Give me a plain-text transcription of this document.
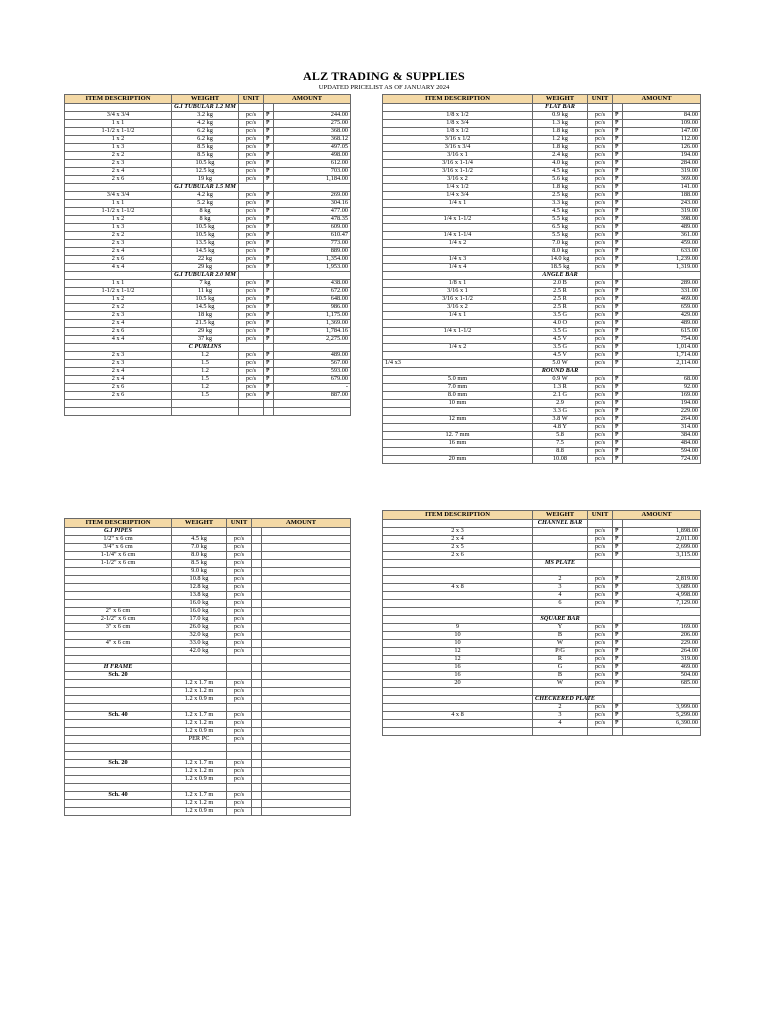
ALZ TRADING & SUPPLIES
UPDATED PRICELIST AS OF JANUARY 2024
ITEM DESCRIPTION	WEIGHT	UNIT	AMOUNT	
	G.I TUBULAR 1.2 MM			
3/4 x 3/4	3.2 kg	pc/s	₱	244.00
1 x 1	4.2 kg	pc/s	₱	275.00
1-1/2 x 1-1/2	6.2 kg	pc/s	₱	368.00
1 x 2	6.2 kg	pc/s	₱	368.12
1 x 3	8.5 kg	pc/s	₱	497.05
2 x 2	8.5 kg	pc/s	₱	498.00
2 x 3	10.5 kg	pc/s	₱	612.00
2 x 4	12.5 kg	pc/s	₱	703.00
2 x 6	19 kg	pc/s	₱	1,184.00
	G.I TUBULAR 1.5 MM			
3/4 x 3/4	4.2 kg	pc/s	₱	269.00
1 x 1	5.2 kg	pc/s	₱	304.16
1-1/2 x 1-1/2	8 kg	pc/s	₱	477.00
1 x 2	8 kg	pc/s	₱	478.35
1 x 3	10.5 kg	pc/s	₱	609.00
2 x 2	10.5 kg	pc/s	₱	610.47
2 x 3	13.5 kg	pc/s	₱	773.00
2 x 4	14.5 kg	pc/s	₱	889.00
2 x 6	22 kg	pc/s	₱	1,354.00
4 x 4	29 kg	pc/s	₱	1,953.00
	G.I TUBULAR 2.0 MM			
1 x 1	7 kg	pc/s	₱	438.00
1-1/2 x 1-1/2	11 kg	pc/s	₱	672.00
1 x 2	10.5 kg	pc/s	₱	648.00
2 x 2	14.5 kg	pc/s	₱	986.00
2 x 3	18 kg	pc/s	₱	1,175.00
2 x 4	21.5 kg	pc/s	₱	1,369.00
2 x 6	29 kg	pc/s	₱	1,784.16
4 x 4	37 kg	pc/s	₱	2,275.00
	C PURLINS			
2 x 3	1.2	pc/s	₱	489.00
2 x 3	1.5	pc/s	₱	567.00
2 x 4	1.2	pc/s	₱	593.00
2 x 4	1.5	pc/s	₱	679.00
2 x 6	1.2	pc/s	₱	-
2 x 6	1.5	pc/s	₱	887.00

ITEM DESCRIPTION	WEIGHT	UNIT	AMOUNT	
	FLAT BAR			
1/8 x 1/2	0.9 kg	pc/s	₱	84.00
1/8 x 3/4	1.3 kg	pc/s	₱	109.00
1/8 x 1/2	1.8 kg	pc/s	₱	147.00
3/16 x 1/2	1.2 kg	pc/s	₱	112.00
3/16 x 3/4	1.8 kg	pc/s	₱	126.00
3/16 x 1	2.4 kg	pc/s	₱	194.00
3/16 x 1-1/4	4.0 kg	pc/s	₱	284.00
3/16 x 1-1/2	4.5 kg	pc/s	₱	319.00
3/16 x 2	5.6 kg	pc/s	₱	369.00
1/4 x 1/2	1.8 kg	pc/s	₱	141.00
1/4 x 3/4	2.5 kg	pc/s	₱	188.00
1/4 x 1	3.3 kg	pc/s	₱	243.00
	4.5 kg	pc/s	₱	319.00
1/4 x 1-1/2	5.5 kg	pc/s	₱	398.00
	6.5 kg	pc/s	₱	489.00
1/4 x 1-1/4	5.5 kg	pc/s	₱	361.00
1/4 x 2	7.0 kg	pc/s	₱	459.00
	8.0 kg	pc/s	₱	633.00
1/4 x 3	14.0 kg	pc/s	₱	1,239.00
1/4 x 4	18.5 kg	pc/s	₱	1,319.00
	ANGLE BAR			
1/8 x 1	2.0 B	pc/s	₱	289.00
3/16 x 1	2.5 R	pc/s	₱	331.00
3/16 x 1-1/2	2.5 R	pc/s	₱	469.00
3/16 x 2	2.5 R	pc/s	₱	659.00
1/4 x 1	3.5 G	pc/s	₱	429.00
	4.0 O	pc/s	₱	489.00
1/4 x 1-1/2	3.5 G	pc/s	₱	615.00
	4.5 V	pc/s	₱	754.00
1/4 x 2	3.5 G	pc/s	₱	1,014.00
	4.5 V	pc/s	₱	1,714.00
1/4 x3	5.0 W	pc/s	₱	2,114.00
	ROUND BAR			
5.0 mm	0.9 W	pc/s	₱	68.00
7.0 mm	1.3 R	pc/s	₱	92.00
8.0 mm	2.1 G	pc/s	₱	169.00
10 mm	2.9	pc/s	₱	194.00
	3.3 G	pc/s	₱	229.00
12 mm	3.8 W	pc/s	₱	264.00
	4.8 Y	pc/s	₱	314.00
12. 7 mm	5.8	pc/s	₱	384.00
16 mm	7.5	pc/s	₱	484.00
	8.8	pc/s	₱	594.00
20 mm	10.08	pc/s	₱	724.00
ITEM DESCRIPTION	WEIGHT	UNIT	AMOUNT	
G.I PIPES				
1/2" x 6 cm	4.5 kg	pc/s		
3/4" x 6 cm	7.0 kg	pc/s		
1-1/4" x 6 cm	8.0 kg	pc/s		
1-1/2" x 6 cm	8.5 kg	pc/s		
	9.0 kg	pc/s		
	10.8 kg	pc/s		
	12.8 kg	pc/s		
	13.8 kg	pc/s		
	16.0 kg	pc/s		
2" x 6 cm	16.0 kg	pc/s		
2-1/2" x 6 cm	17.0 kg	pc/s		
3" x 6 cm	26.0 kg	pc/s		
	32.0 kg	pc/s		
4" x 6 cm	33.0 kg	pc/s		
	42.0 kg	pc/s		

H FRAME				
Sch. 20				
	1.2 x 1.7 m	pc/s		
	1.2 x 1.2 m	pc/s		
	1.2 x 0.9 m	pc/s		

Sch. 40	1.2 x 1.7 m	pc/s		
	1.2 x 1.2 m	pc/s		
	1.2 x 0.9 m	pc/s		
	PER PC	pc/s		

Sch. 20	1.2 x 1.7 m	pc/s		
	1.2 x 1.2 m	pc/s		
	1.2 x 0.9 m	pc/s		

Sch. 40	1.2 x 1.7 m	pc/s		
	1.2 x 1.2 m	pc/s		
	1.2 x 0.9 m	pc/s		
ITEM DESCRIPTION	WEIGHT	UNIT	AMOUNT	
	CHANNEL BAR			
2 x 3		pc/s	₱	1,898.00
2 x 4		pc/s	₱	2,011.00
2 x 5		pc/s	₱	2,699.00
2 x 6		pc/s	₱	3,115.00
	MS PLATE			

	2	pc/s	₱	2,819.00
4 x 8	3	pc/s	₱	3,689.00
	4	pc/s	₱	4,998.00
	6	pc/s	₱	7,129.00

	SQUARE BAR			
9	Y	pc/s	₱	169.00
10	B	pc/s	₱	206.00
10	W	pc/s	₱	229.00
12	P/G	pc/s	₱	264.00
12	R	pc/s	₱	319.00
16	G	pc/s	₱	469.00
16	B	pc/s	₱	504.00
20	W	pc/s	₱	685.00

	CHECKERED PLATE			
	2	pc/s	₱	3,999.00
4 x 8	3	pc/s	₱	5,299.00
	4	pc/s	₱	6,390.00
